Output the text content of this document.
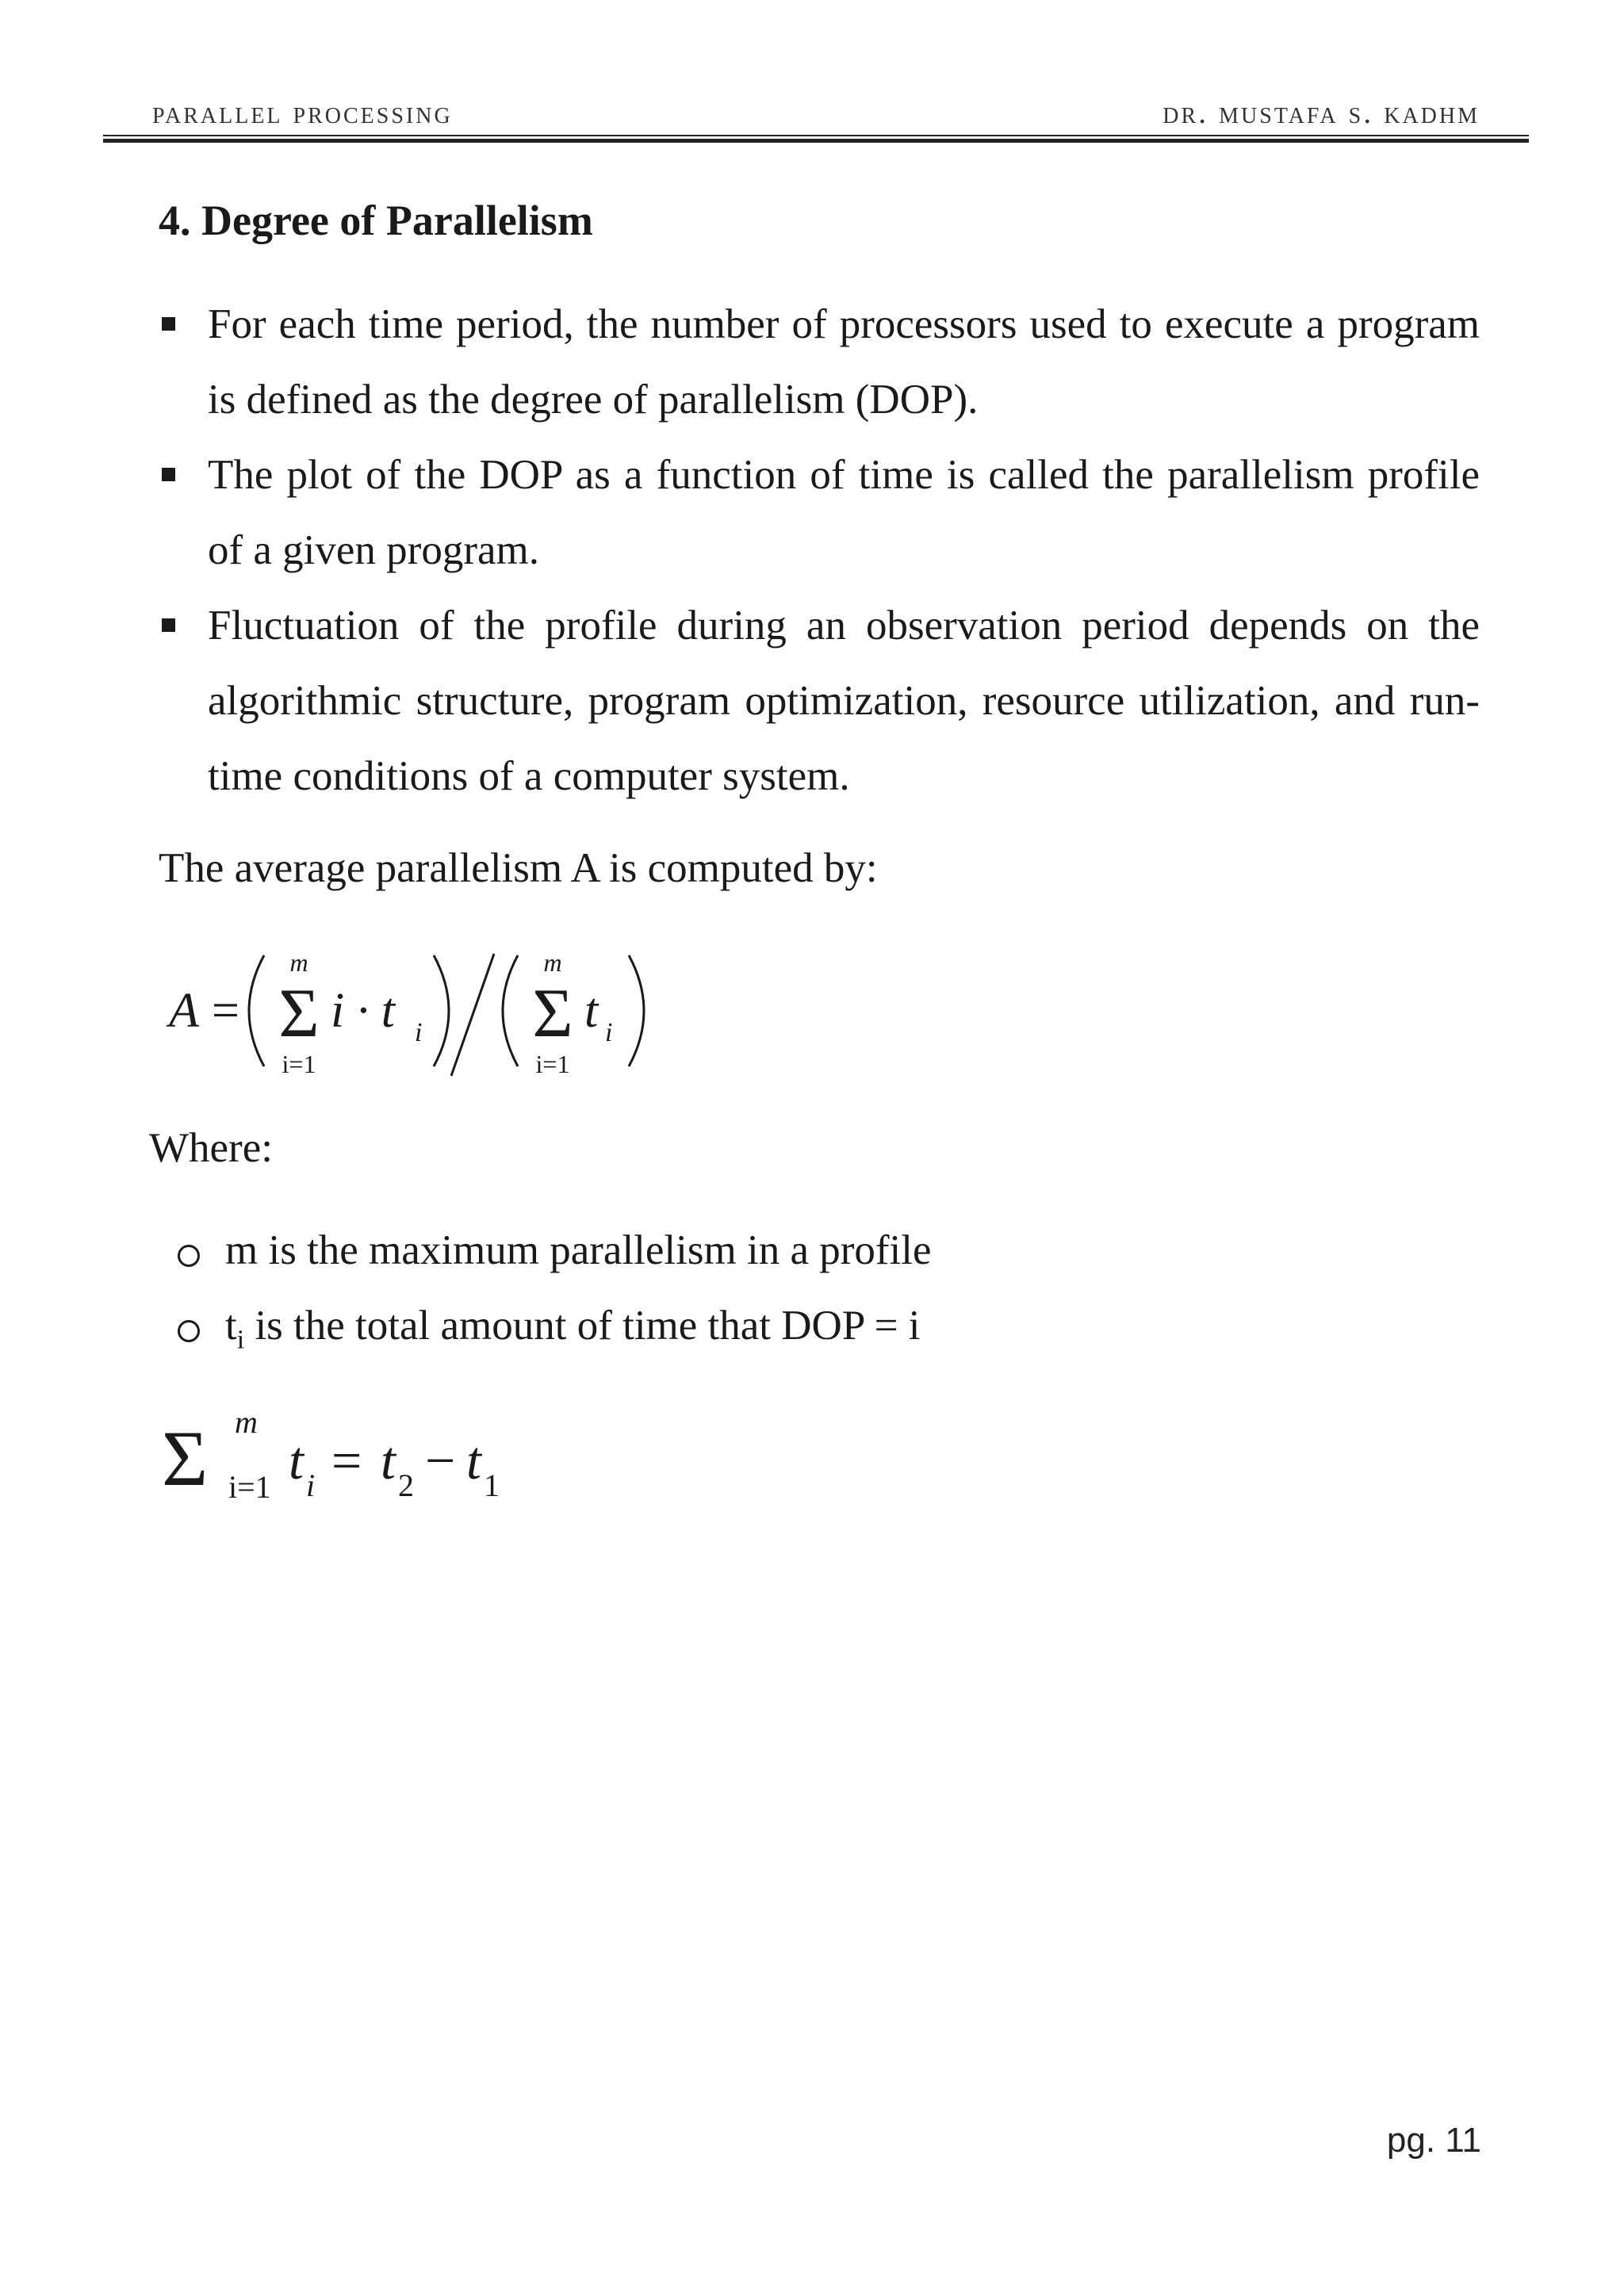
parallel processing	dr. mustafa s. kadhm
4. Degree of Parallelism
For each time period, the number of processors used to execute a program is defined as the degree of parallelism (DOP).
The plot of the DOP as a function of time is called the parallelism profile of a given program.
Fluctuation of the profile during an observation period depends on the algorithmic structure, program optimization, resource utilization, and run-time conditions of a computer system.

The average parallelism A is computed by:

A =
m
Σ
i=1
i · t i
m
Σ
i=1
t i

Where:

m is the maximum parallelism in a profile
$t_i$ is the total amount of time that DOP = i
Σ m
i=1 t i = t 2 − t 1
pg. 11
